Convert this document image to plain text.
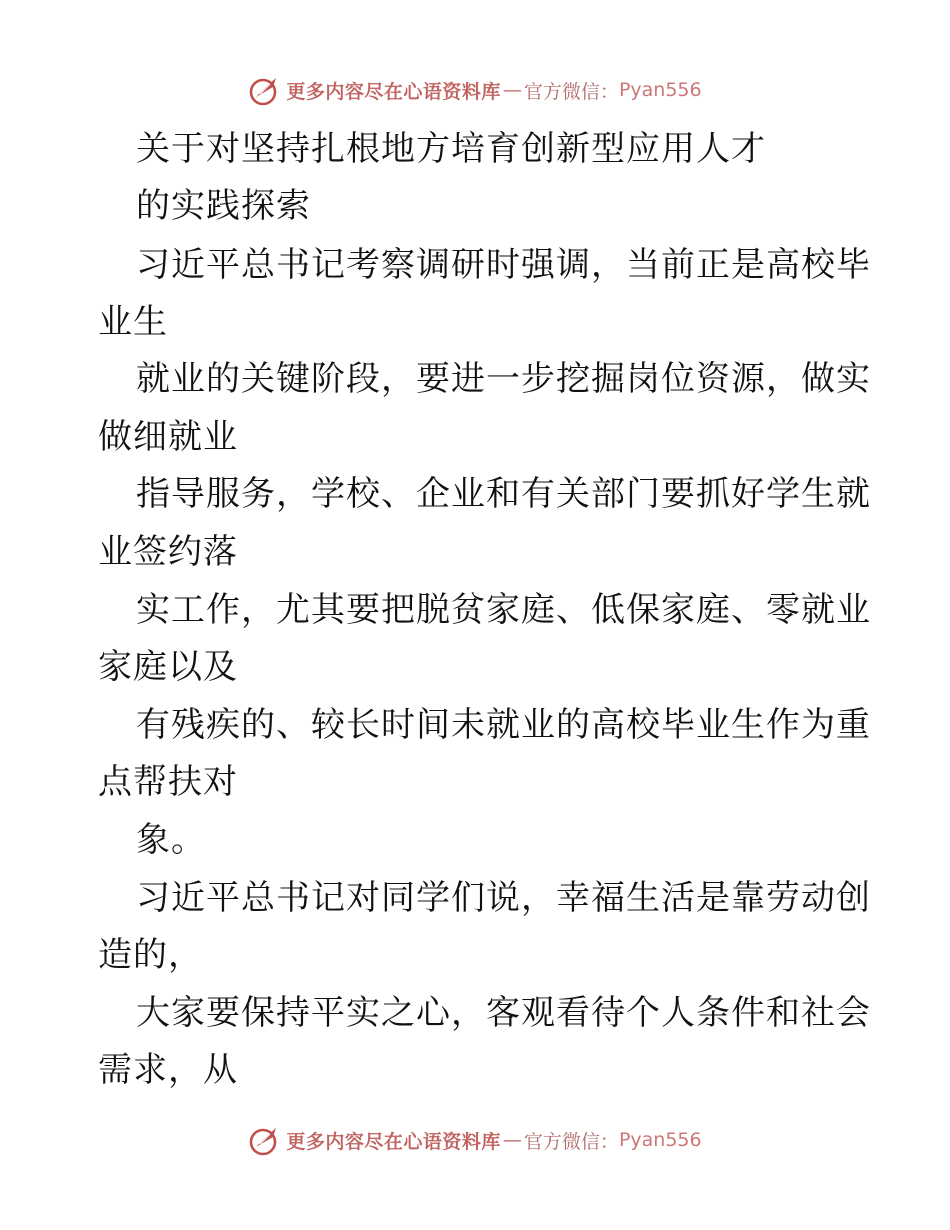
更多内容尽在心语资料库 — 官方微信： Pyan556
关于对坚持扎根地方培育创新型应用人才
的实践探索
习近平总书记考察调研时强调，当前正是高校毕
业生
就业的关键阶段，要进一步挖掘岗位资源，做实
做细就业
指导服务，学校、企业和有关部门要抓好学生就
业签约落
实工作，尤其要把脱贫家庭、低保家庭、零就业
家庭以及
有残疾的、较长时间未就业的高校毕业生作为重
点帮扶对
象。
习近平总书记对同学们说，幸福生活是靠劳动创
造的，
大家要保持平实之心，客观看待个人条件和社会
需求，从
更多内容尽在心语资料库 — 官方微信： Pyan556
